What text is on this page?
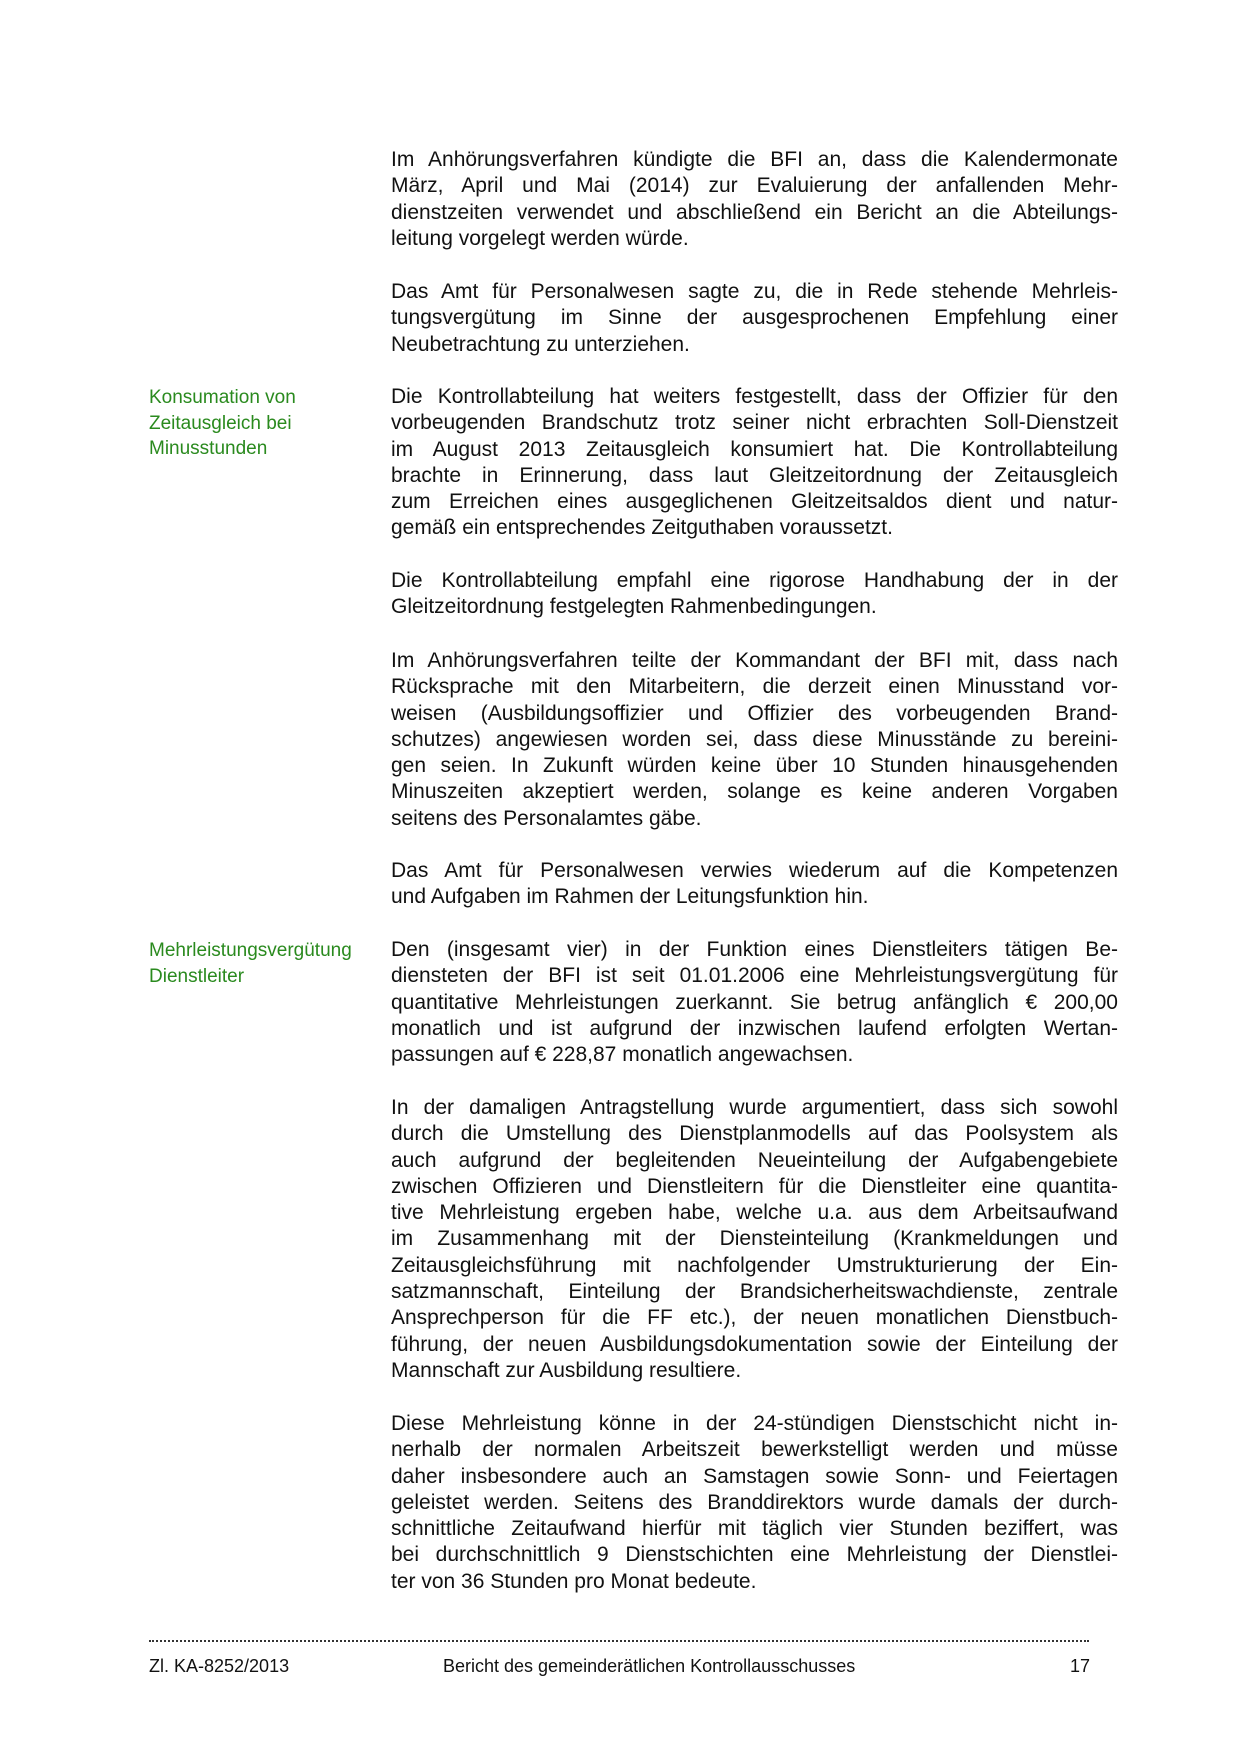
Im Anhörungsverfahren kündigte die BFI an, dass die Kalendermonate
März, April und Mai (2014) zur Evaluierung der anfallenden Mehr-
dienstzeiten verwendet und abschließend ein Bericht an die Abteilungs-
leitung vorgelegt werden würde.
Das Amt für Personalwesen sagte zu, die in Rede stehende Mehrleis-
tungsvergütung im Sinne der ausgesprochenen Empfehlung einer
Neubetrachtung zu unterziehen.
Die Kontrollabteilung hat weiters festgestellt, dass der Offizier für den
vorbeugenden Brandschutz trotz seiner nicht erbrachten Soll-Dienstzeit
im August 2013 Zeitausgleich konsumiert hat. Die Kontrollabteilung
brachte in Erinnerung, dass laut Gleitzeitordnung der Zeitausgleich
zum Erreichen eines ausgeglichenen Gleitzeitsaldos dient und natur-
gemäß ein entsprechendes Zeitguthaben voraussetzt.
Die Kontrollabteilung empfahl eine rigorose Handhabung der in der
Gleitzeitordnung festgelegten Rahmenbedingungen.
Im Anhörungsverfahren teilte der Kommandant der BFI mit, dass nach
Rücksprache mit den Mitarbeitern, die derzeit einen Minusstand vor-
weisen (Ausbildungsoffizier und Offizier des vorbeugenden Brand-
schutzes) angewiesen worden sei, dass diese Minusstände zu bereini-
gen seien. In Zukunft würden keine über 10 Stunden hinausgehenden
Minuszeiten akzeptiert werden, solange es keine anderen Vorgaben
seitens des Personalamtes gäbe.
Das Amt für Personalwesen verwies wiederum auf die Kompetenzen
und Aufgaben im Rahmen der Leitungsfunktion hin.
Den (insgesamt vier) in der Funktion eines Dienstleiters tätigen Be-
diensteten der BFI ist seit 01.01.2006 eine Mehrleistungsvergütung für
quantitative Mehrleistungen zuerkannt. Sie betrug anfänglich € 200,00
monatlich und ist aufgrund der inzwischen laufend erfolgten Wertan-
passungen auf € 228,87 monatlich angewachsen.
In der damaligen Antragstellung wurde argumentiert, dass sich sowohl
durch die Umstellung des Dienstplanmodells auf das Poolsystem als
auch aufgrund der begleitenden Neueinteilung der Aufgabengebiete
zwischen Offizieren und Dienstleitern für die Dienstleiter eine quantita-
tive Mehrleistung ergeben habe, welche u.a. aus dem Arbeitsaufwand
im Zusammenhang mit der Diensteinteilung (Krankmeldungen und
Zeitausgleichsführung mit nachfolgender Umstrukturierung der Ein-
satzmannschaft, Einteilung der Brandsicherheitswachdienste, zentrale
Ansprechperson für die FF etc.), der neuen monatlichen Dienstbuch-
führung, der neuen Ausbildungsdokumentation sowie der Einteilung der
Mannschaft zur Ausbildung resultiere.
Diese Mehrleistung könne in der 24-stündigen Dienstschicht nicht in-
nerhalb der normalen Arbeitszeit bewerkstelligt werden und müsse
daher insbesondere auch an Samstagen sowie Sonn- und Feiertagen
geleistet werden. Seitens des Branddirektors wurde damals der durch-
schnittliche Zeitaufwand hierfür mit täglich vier Stunden beziffert, was
bei durchschnittlich 9 Dienstschichten eine Mehrleistung der Dienstlei-
ter von 36 Stunden pro Monat bedeute.
Konsumation von
Zeitausgleich bei
Minusstunden
Mehrleistungsvergütung
Dienstleiter
Zl. KA-8252/2013	Bericht des gemeinderätlichen Kontrollausschusses	17
